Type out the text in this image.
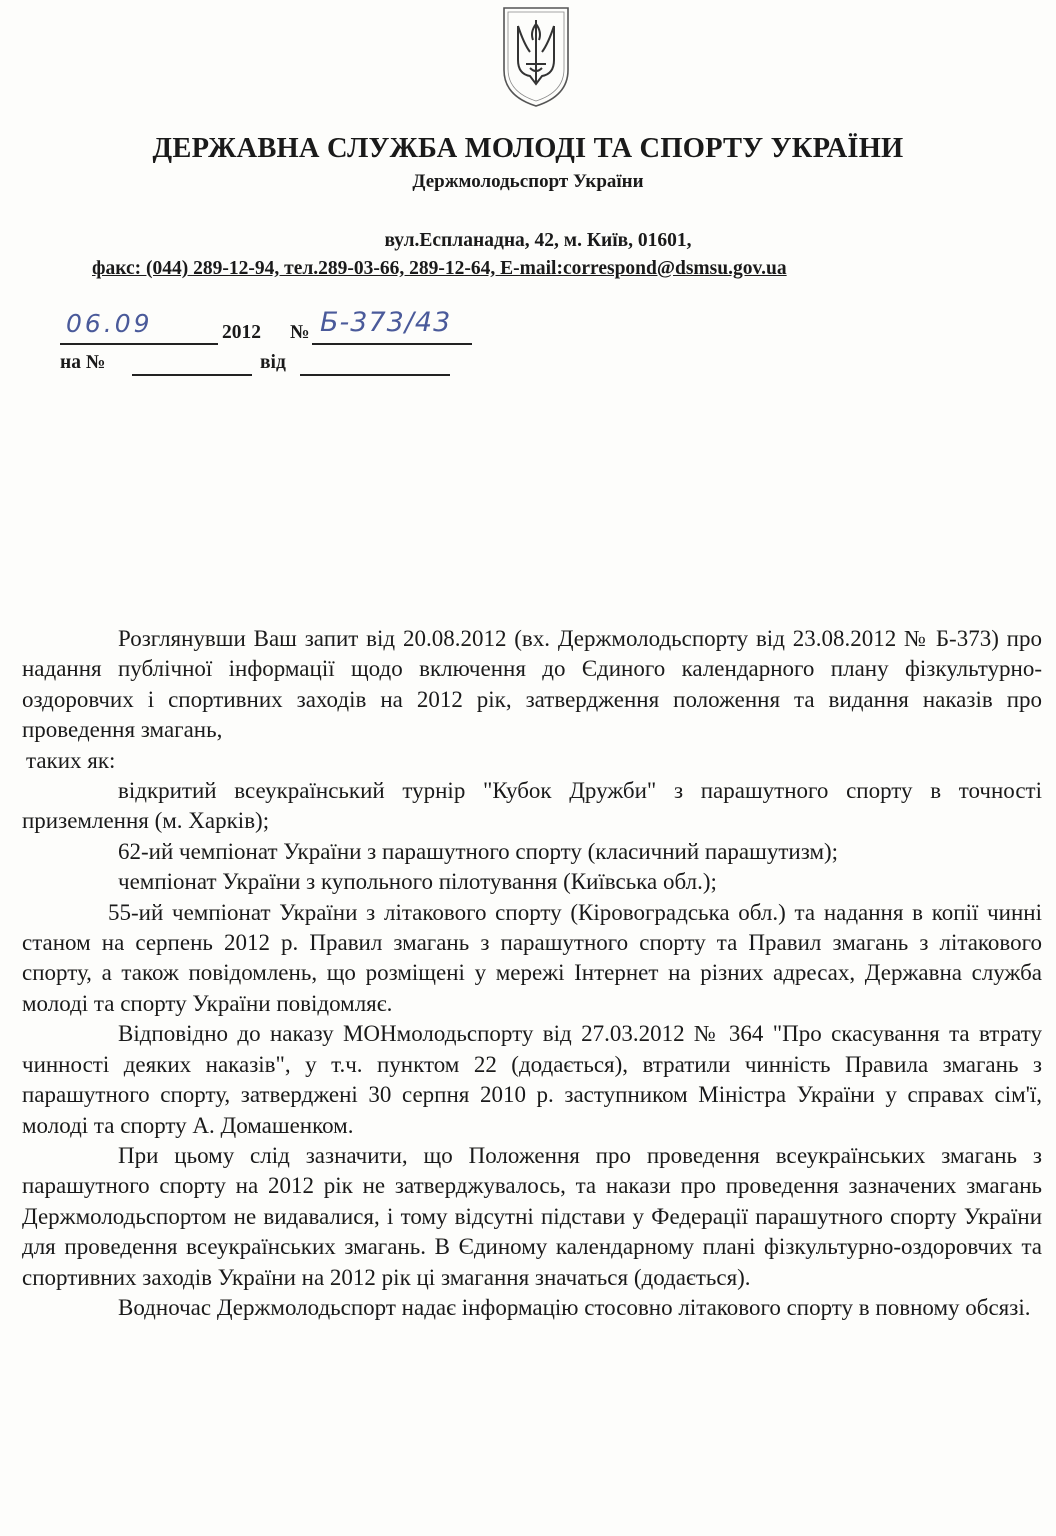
ДЕРЖАВНА СЛУЖБА МОЛОДІ ТА СПОРТУ УКРАЇНИ
Держмолодьспорт України
вул.Еспланадна, 42, м. Київ, 01601,
факс: (044) 289-12-94, тел.289-03-66, 289-12-64, E-mail:correspond@dsmsu.gov.ua
06.09	2012 № Б-373/43
на №	від

Розглянувши Ваш запит від 20.08.2012 (вх. Держмолодьспорту від 23.08.2012 № Б-373) про надання публічної інформації щодо включення до Єдиного календарного плану фізкультурно-оздоровчих і спортивних заходів на 2012 рік, затвердження положення та видання наказів про проведення змагань,

таких як:

відкритий всеукраїнський турнір "Кубок Дружби" з парашутного спорту в точності приземлення (м. Харків);

62-ий чемпіонат України з парашутного спорту (класичний парашутизм);

чемпіонат України з купольного пілотування (Київська обл.);

55-ий чемпіонат України з літакового спорту (Кіровоградська обл.) та надання в копії чинні станом на серпень 2012 р. Правил змагань з парашутного спорту та Правил змагань з літакового спорту, а також повідомлень, що розміщені у мережі Інтернет на різних адресах, Державна служба молоді та спорту України повідомляє.

Відповідно до наказу МОНмолодьспорту від 27.03.2012 № 364 "Про скасування та втрату чинності деяких наказів", у т.ч. пунктом 22 (додається), втратили чинність Правила змагань з парашутного спорту, затверджені 30 серпня 2010 р. заступником Міністра України у справах сім'ї, молоді та спорту А. Домашенком.

При цьому слід зазначити, що Положення про проведення всеукраїнських змагань з парашутного спорту на 2012 рік не затверджувалось, та накази про проведення зазначених змагань Держмолодьспортом не видавалися, і тому відсутні підстави у Федерації парашутного спорту України для проведення всеукраїнських змагань. В Єдиному календарному плані фізкультурно-оздоровчих та спортивних заходів України на 2012 рік ці змагання значаться (додається).

Водночас Держмолодьспорт надає інформацію стосовно літакового спорту в повному обсязі.
